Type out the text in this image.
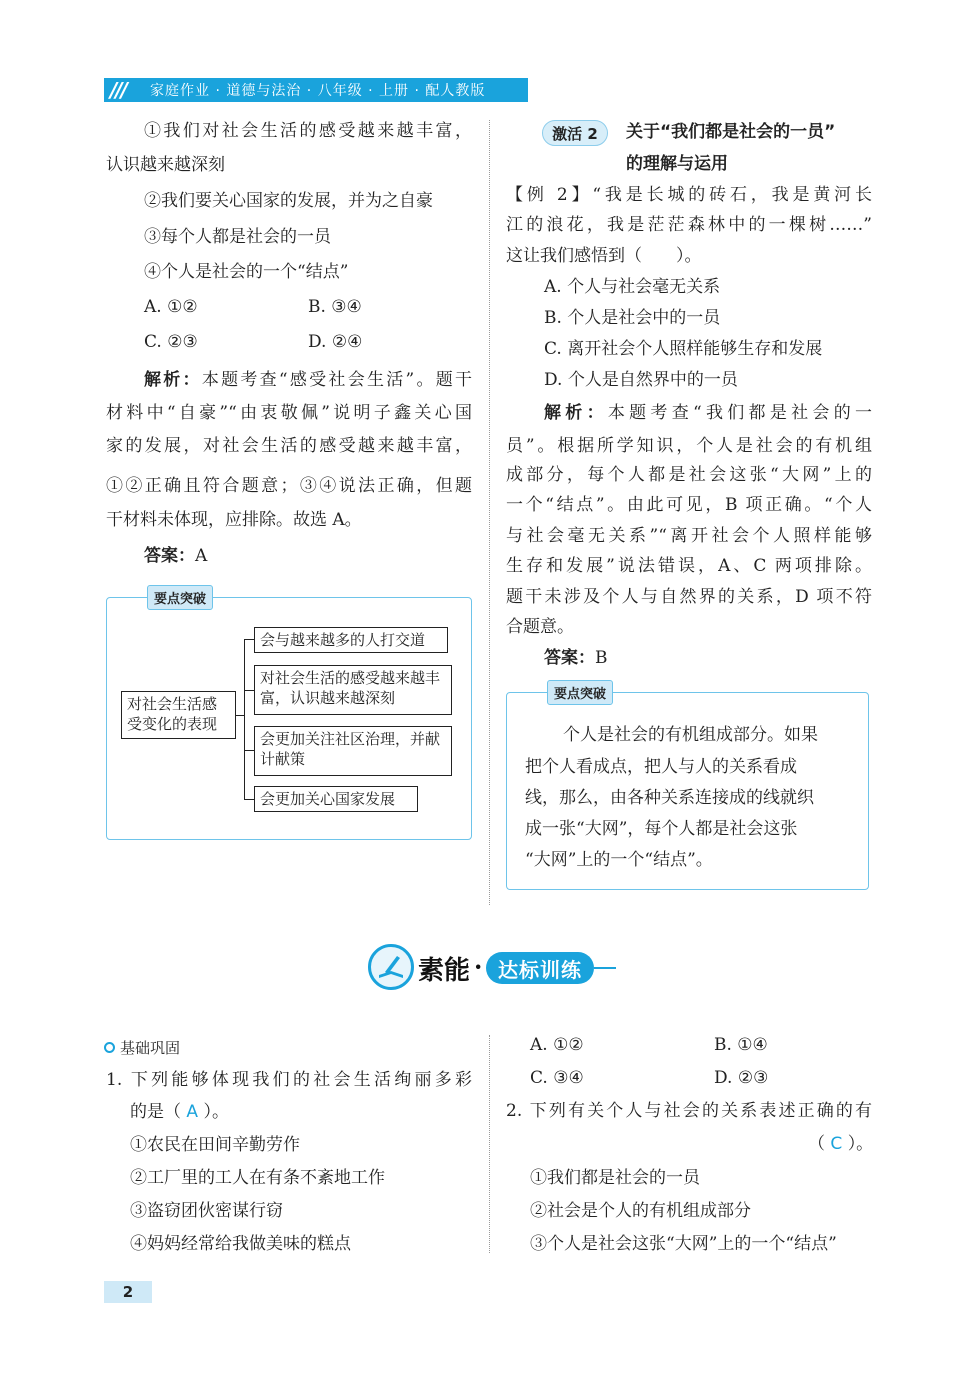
///	家庭作业 · 道德与法治 · 八年级 · 上册 · 配人教版
①我们对社会生活的感受越来越丰富，
认识越来越深刻
②我们要关心国家的发展，并为之自豪
③每个人都是社会的一员
④个人是社会的一个“结点”
A. ①②	B. ③④
C. ②③	D. ②④
解析：本题考查“感受社会生活”。题干
材料中“自豪”“由衷敬佩”说明子鑫关心国
家的发展，对社会生活的感受越来越丰富，
①②正确且符合题意；③④说法正确，但题
干材料未体现，应排除。故选 A。
答案：A
要点突破
对社会生活感受变化的表现
会与越来越多的人打交道
对社会生活的感受越来越丰富，认识越来越深刻
会更加关注社区治理，并献计献策
会更加关心国家发展
激活 2	关于“我们都是社会的一员”
的理解与运用
【例 2】“我是长城的砖石，我是黄河长
江的浪花，我是茫茫森林中的一棵树……”
这让我们感悟到（　　）。
A. 个人与社会毫无关系
B. 个人是社会中的一员
C. 离开社会个人照样能够生存和发展
D. 个人是自然界中的一员
解析：本题考查“我们都是社会的一
员”。根据所学知识，个人是社会的有机组
成部分，每个人都是社会这张“大网”上的
一个“结点”。由此可见，B 项正确。“个人
与社会毫无关系”“离开社会个人照样能够
生存和发展”说法错误，A、C 两项排除。
题干未涉及个人与自然界的关系，D 项不符
合题意。
答案：B
要点突破
个人是社会的有机组成部分。如果
把个人看成点，把人与人的关系看成
线，那么，由各种关系连接成的线就织
成一张“大网”，每个人都是社会这张
“大网”上的一个“结点”。
素能 · 达标训练
基础巩固
1. 下列能够体现我们的社会生活绚丽多彩
的是（ A ）。
①农民在田间辛勤劳作
②工厂里的工人在有条不紊地工作
③盗窃团伙密谋行窃
④妈妈经常给我做美味的糕点
A. ①②	B. ①④
C. ③④	D. ②③
2. 下列有关个人与社会的关系表述正确的有
（ C ）。
①我们都是社会的一员
②社会是个人的有机组成部分
③个人是社会这张“大网”上的一个“结点”
2
